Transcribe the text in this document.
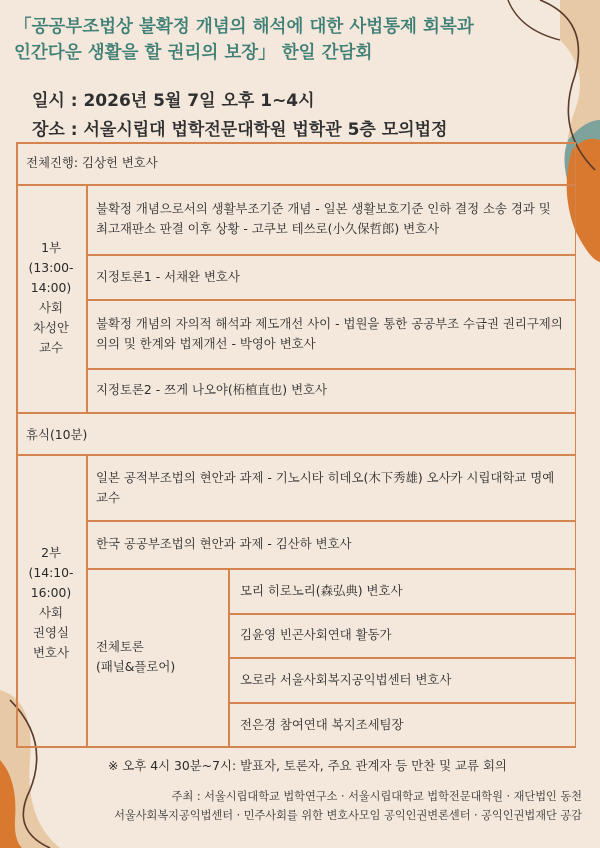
「공공부조법상 불확정 개념의 해석에 대한 사법통제 회복과
인간다운 생활을 할 권리의 보장」 한일 간담회
일시 : 2026년 5월 7일 오후 1~4시
장소 : 서울시립대 법학전문대학원 법학관 5층 모의법정
전체진행: 김상헌 변호사
1부
(13:00-
14:00)
사회
차성안
교수
불확정 개념으로서의 생활부조기준 개념 - 일본 생활보호기준 인하 결정 소송 경과 및 최고재판소 판결 이후 상황 - 고쿠보 테쓰로(小久保哲郎) 변호사
지정토론1 - 서채완 변호사
불확정 개념의 자의적 해석과 제도개선 사이 - 법원을 통한 공공부조 수급권 권리구제의 의의 및 한계와 법제개선 - 박영아 변호사
지정토론2 - 쯔게 나오야(柘植直也) 변호사
휴식(10분)
2부
(14:10-
16:00)
사회
권영실
변호사
일본 공적부조법의 현안과 과제 - 기노시타 히데오(木下秀雄) 오사카 시립대학교 명예교수
한국 공공부조법의 현안과 과제 - 김산하 변호사
전체토론
(패널&플로어)
모리 히로노리(森弘典) 변호사
김윤영 빈곤사회연대 활동가
오로라 서울사회복지공익법센터 변호사
전은경 참여연대 복지조세팀장
※ 오후 4시 30분~7시: 발표자, 토론자, 주요 관계자 등 만찬 및 교류 회의
주최 : 서울시립대학교 법학연구소 · 서울시립대학교 법학전문대학원 · 재단법인 동천
서울사회복지공익법센터 · 민주사회를 위한 변호사모임 공익인권변론센터 · 공익인권법재단 공감
